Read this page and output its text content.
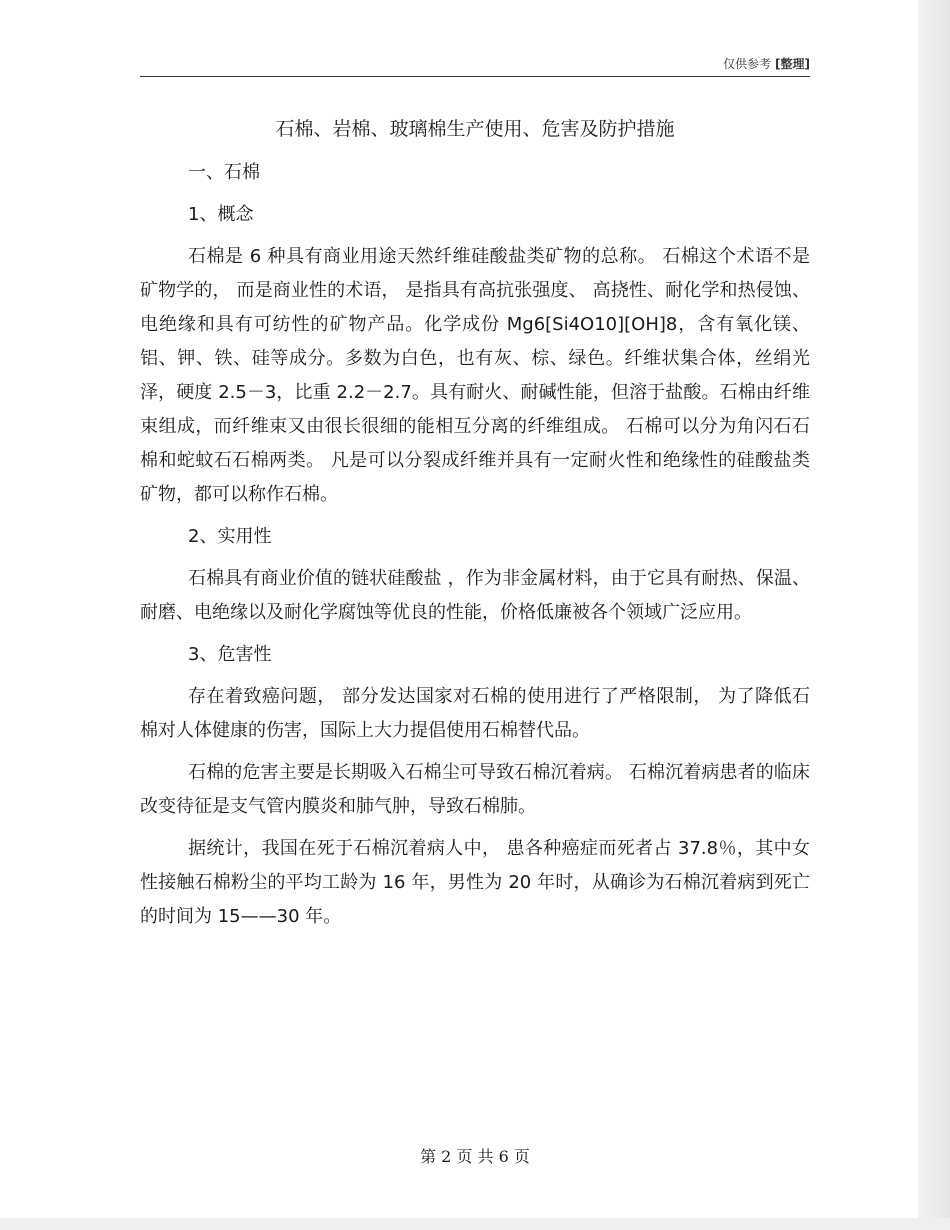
仅供参考 [整理]
石棉、岩棉、玻璃棉生产使用、危害及防护措施
一、石棉
1、概念
石棉是 6 种具有商业用途天然纤维硅酸盐类矿物的总称。 石棉这个术语不是矿物学的， 而是商业性的术语， 是指具有高抗张强度、 高挠性、耐化学和热侵蚀、电绝缘和具有可纺性的矿物产品。化学成份 Mg6[Si4O10][OH]8，含有氧化镁、铝、钾、铁、硅等成分。多数为白色，也有灰、棕、绿色。纤维状集合体，丝绢光泽，硬度 2.5－3，比重 2.2－2.7。具有耐火、耐碱性能，但溶于盐酸。石棉由纤维束组成，而纤维束又由很长很细的能相互分离的纤维组成。 石棉可以分为角闪石石棉和蛇蚊石石棉两类。 凡是可以分裂成纤维并具有一定耐火性和绝缘性的硅酸盐类矿物，都可以称作石棉。
2、实用性
石棉具有商业价值的链状硅酸盐 ，作为非金属材料，由于它具有耐热、保温、耐磨、电绝缘以及耐化学腐蚀等优良的性能，价格低廉被各个领域广泛应用。
3、危害性
存在着致癌问题， 部分发达国家对石棉的使用进行了严格限制， 为了降低石棉对人体健康的伤害，国际上大力提倡使用石棉替代品。
石棉的危害主要是长期吸入石棉尘可导致石棉沉着病。 石棉沉着病患者的临床改变待征是支气管内膜炎和肺气肿，导致石棉肺。
据统计，我国在死于石棉沉着病人中， 患各种癌症而死者占 37.8％，其中女性接触石棉粉尘的平均工龄为 16 年，男性为 20 年时，从确诊为石棉沉着病到死亡的时间为 15——30 年。
第 2 页 共 6 页
